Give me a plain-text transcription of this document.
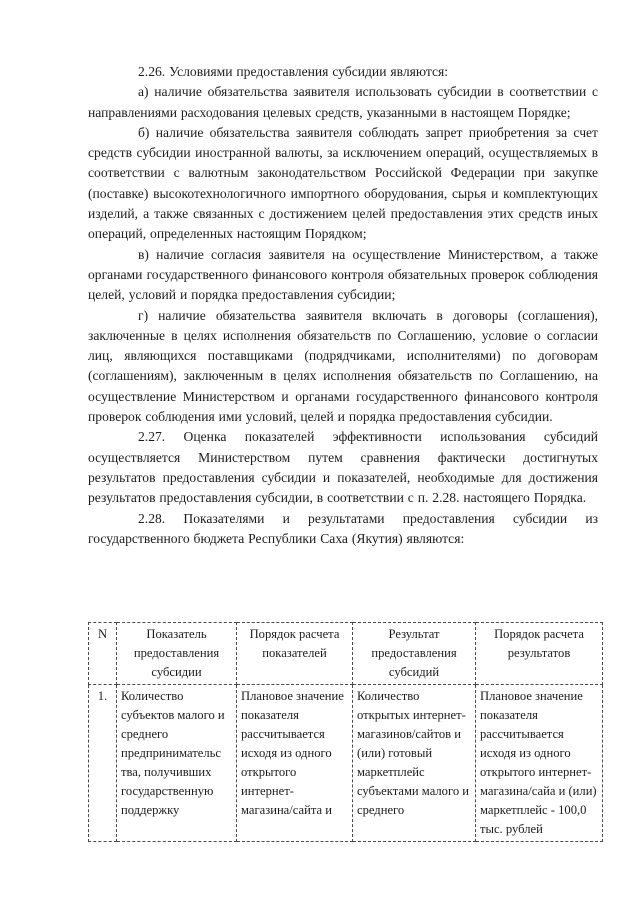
2.26. Условиями предоставления субсидии являются:

а) наличие обязательства заявителя использовать субсидии в соответствии с направлениями расходования целевых средств, указанными в настоящем Порядке;

б) наличие обязательства заявителя соблюдать запрет приобретения за счет средств субсидии иностранной валюты, за исключением операций, осуществляемых в соответствии с валютным законодательством Российской Федерации при закупке (поставке) высокотехнологичного импортного оборудования, сырья и комплектующих изделий, а также связанных с достижением целей предоставления этих средств иных операций, определенных настоящим Порядком;

в) наличие согласия заявителя на осуществление Министерством, а также органами государственного финансового контроля обязательных проверок соблюдения целей, условий и порядка предоставления субсидии;

г) наличие обязательства заявителя включать в договоры (соглашения), заключенные в целях исполнения обязательств по Соглашению, условие о согласии лиц, являющихся поставщиками (подрядчиками, исполнителями) по договорам (соглашениям), заключенным в целях исполнения обязательств по Соглашению, на осуществление Министерством и органами государственного финансового контроля проверок соблюдения ими условий, целей и порядка предоставления субсидии.

2.27. Оценка показателей эффективности использования субсидий осуществляется Министерством путем сравнения фактически достигнутых результатов предоставления субсидии и показателей, необходимые для достижения результатов предоставления субсидии, в соответствии с п. 2.28. настоящего Порядка.

2.28. Показателями и результатами предоставления субсидии из государственного бюджета Республики Саха (Якутия) являются:

N	Показатель предоставления субсидии	Порядок расчета показателей	Результат предоставления субсидий	Порядок расчета результатов
1.	Количество субъектов малого и среднего предпринимательс тва, получивших государственную поддержку	Плановое значение показателя рассчитывается исходя из одного открытого интернет- магазина/сайта и	Количество открытых интернет- магазинов/сайтов и (или) готовый маркетплейс субъектами малого и среднего	Плановое значение показателя рассчитывается исходя из одного открытого интернет- магазина/сайа и (или) маркетплейс - 100,0 тыс. рублей
